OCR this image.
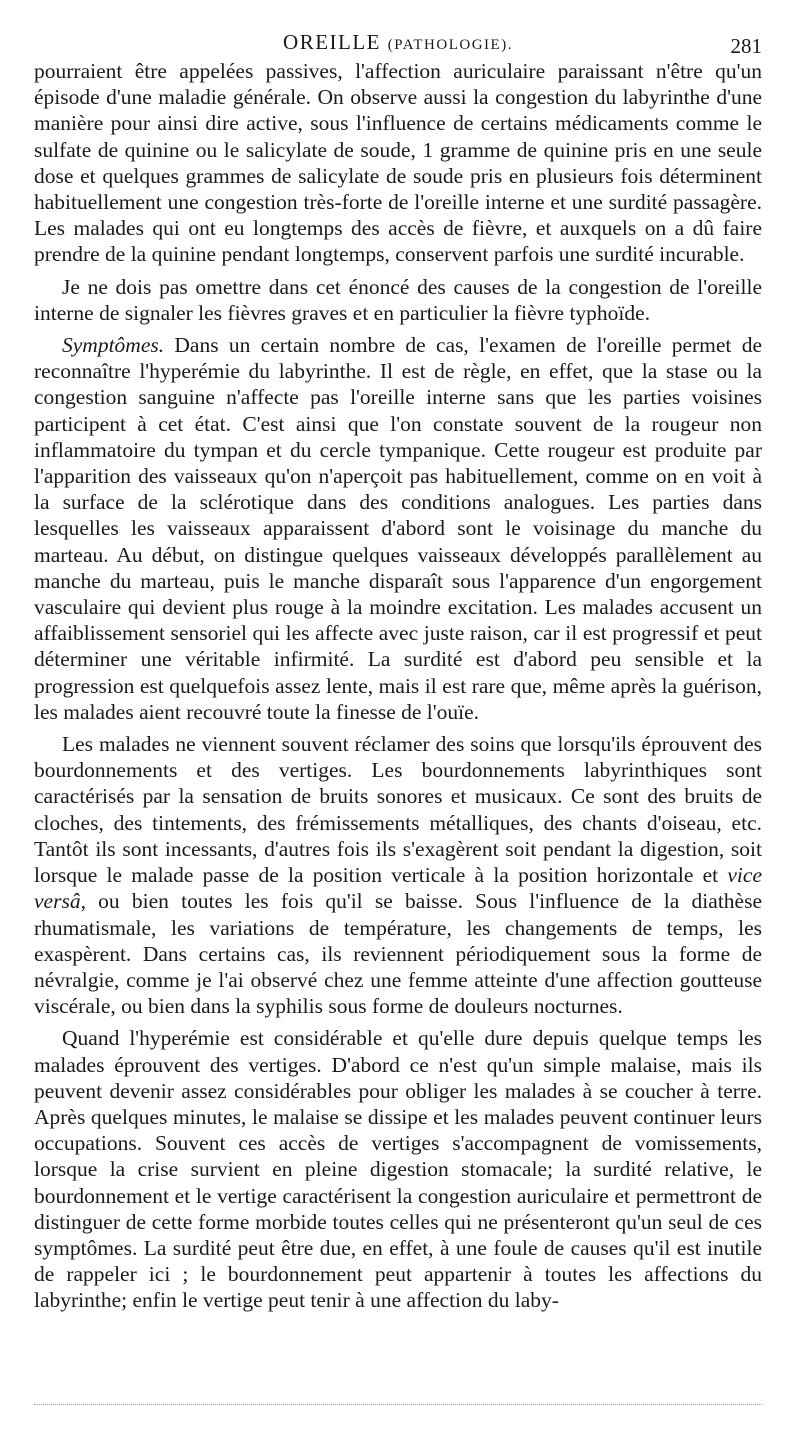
OREILLE (PATHOLOGIE).	281

pourraient être appelées passives, l'affection auriculaire paraissant n'être qu'un épisode d'une maladie générale. On observe aussi la congestion du labyrinthe d'une manière pour ainsi dire active, sous l'influence de certains médicaments comme le sulfate de quinine ou le salicylate de soude, 1 gramme de quinine pris en une seule dose et quelques grammes de salicylate de soude pris en plusieurs fois déterminent habituellement une congestion très-forte de l'oreille interne et une surdité passagère. Les malades qui ont eu longtemps des accès de fièvre, et auxquels on a dû faire prendre de la quinine pendant longtemps, conservent parfois une surdité incurable.

Je ne dois pas omettre dans cet énoncé des causes de la congestion de l'oreille interne de signaler les fièvres graves et en particulier la fièvre typhoïde.

Symptômes. Dans un certain nombre de cas, l'examen de l'oreille permet de reconnaître l'hyperémie du labyrinthe. Il est de règle, en effet, que la stase ou la congestion sanguine n'affecte pas l'oreille interne sans que les parties voisines participent à cet état. C'est ainsi que l'on constate souvent de la rougeur non inflammatoire du tympan et du cercle tympanique. Cette rougeur est produite par l'apparition des vaisseaux qu'on n'aperçoit pas habituellement, comme on en voit à la surface de la sclérotique dans des conditions analogues. Les parties dans lesquelles les vaisseaux apparaissent d'abord sont le voisinage du manche du marteau. Au début, on distingue quelques vaisseaux développés parallèlement au manche du marteau, puis le manche disparaît sous l'apparence d'un engorgement vasculaire qui devient plus rouge à la moindre excitation. Les malades accusent un affaiblissement sensoriel qui les affecte avec juste raison, car il est progressif et peut déterminer une véritable infirmité. La surdité est d'abord peu sensible et la progression est quelquefois assez lente, mais il est rare que, même après la guérison, les malades aient recouvré toute la finesse de l'ouïe.

Les malades ne viennent souvent réclamer des soins que lorsqu'ils éprouvent des bourdonnements et des vertiges. Les bourdonnements labyrinthiques sont caractérisés par la sensation de bruits sonores et musicaux. Ce sont des bruits de cloches, des tintements, des frémissements métalliques, des chants d'oiseau, etc. Tantôt ils sont incessants, d'autres fois ils s'exagèrent soit pendant la digestion, soit lorsque le malade passe de la position verticale à la position horizontale et vice versâ, ou bien toutes les fois qu'il se baisse. Sous l'influence de la diathèse rhumatismale, les variations de température, les changements de temps, les exaspèrent. Dans certains cas, ils reviennent périodiquement sous la forme de névralgie, comme je l'ai observé chez une femme atteinte d'une affection goutteuse viscérale, ou bien dans la syphilis sous forme de douleurs nocturnes.

Quand l'hyperémie est considérable et qu'elle dure depuis quelque temps les malades éprouvent des vertiges. D'abord ce n'est qu'un simple malaise, mais ils peuvent devenir assez considérables pour obliger les malades à se coucher à terre. Après quelques minutes, le malaise se dissipe et les malades peuvent continuer leurs occupations. Souvent ces accès de vertiges s'accompagnent de vomissements, lorsque la crise survient en pleine digestion stomacale; la surdité relative, le bourdonnement et le vertige caractérisent la congestion auriculaire et permettront de distinguer de cette forme morbide toutes celles qui ne présenteront qu'un seul de ces symptômes. La surdité peut être due, en effet, à une foule de causes qu'il est inutile de rappeler ici ; le bourdonnement peut appartenir à toutes les affections du labyrinthe; enfin le vertige peut tenir à une affection du laby-
